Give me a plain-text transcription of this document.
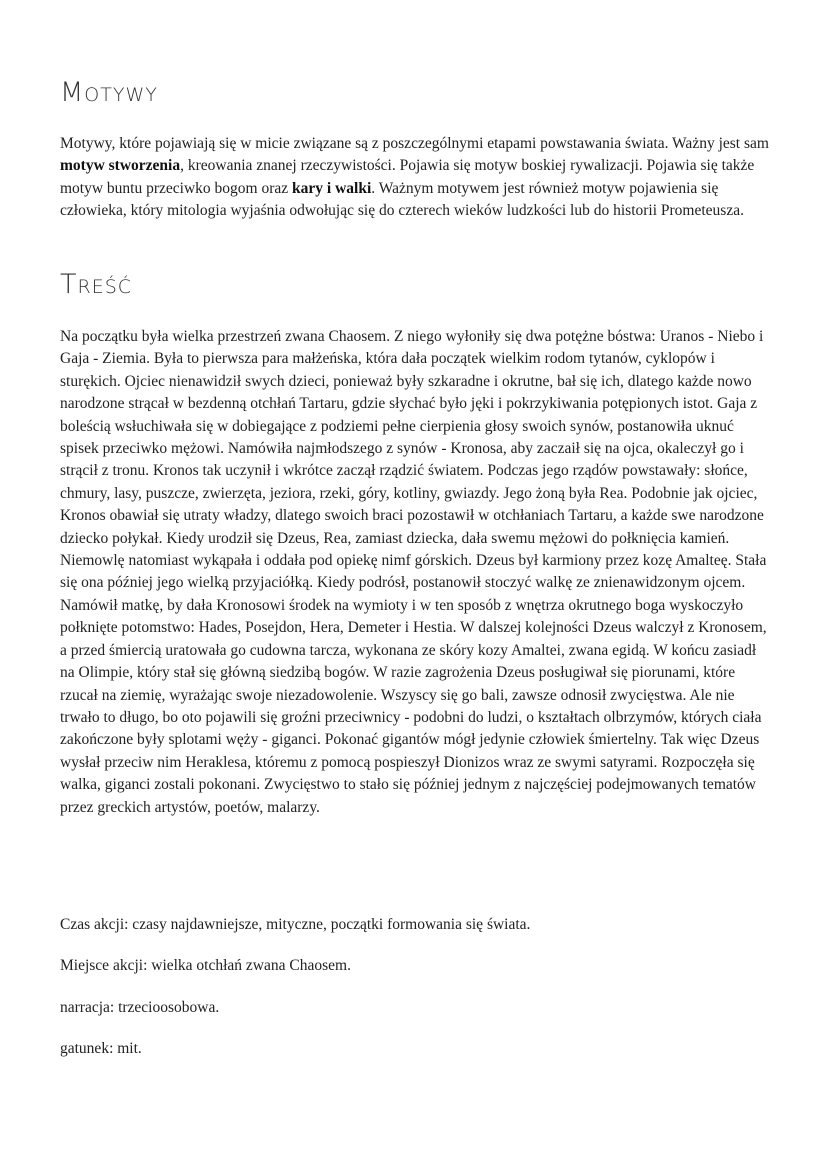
Motywy

Motywy, które pojawiają się w micie związane są z poszczególnymi etapami powstawania świata. Ważny jest sam motyw stworzenia, kreowania znanej rzeczywistości. Pojawia się motyw boskiej rywalizacji. Pojawia się także motyw buntu przeciwko bogom oraz kary i walki. Ważnym motywem jest również motyw pojawienia się człowieka, który mitologia wyjaśnia odwołując się do czterech wieków ludzkości lub do historii Prometeusza.

Treść

Na początku była wielka przestrzeń zwana Chaosem. Z niego wyłoniły się dwa potężne bóstwa: Uranos - Niebo i Gaja - Ziemia. Była to pierwsza para małżeńska, która dała początek wielkim rodom tytanów, cyklopów i sturękich. Ojciec nienawidził swych dzieci, ponieważ były szkaradne i okrutne, bał się ich, dlatego każde nowo narodzone strącał w bezdenną otchłań Tartaru, gdzie słychać było jęki i pokrzykiwania potępionych istot. Gaja z boleścią wsłuchiwała się w dobiegające z podziemi pełne cierpienia głosy swoich synów, postanowiła uknuć spisek przeciwko mężowi. Namówiła najmłodszego z synów - Kronosa, aby zaczaił się na ojca, okaleczył go i strącił z tronu. Kronos tak uczynił i wkrótce zaczął rządzić światem. Podczas jego rządów powstawały: słońce, chmury, lasy, puszcze, zwierzęta, jeziora, rzeki, góry, kotliny, gwiazdy. Jego żoną była Rea. Podobnie jak ojciec, Kronos obawiał się utraty władzy, dlatego swoich braci pozostawił w otchłaniach Tartaru, a każde swe narodzone dziecko połykał. Kiedy urodził się Dzeus, Rea, zamiast dziecka, dała swemu mężowi do połknięcia kamień. Niemowlę natomiast wykąpała i oddała pod opiekę nimf górskich. Dzeus był karmiony przez kozę Amalteę. Stała się ona później jego wielką przyjaciółką. Kiedy podrósł, postanowił stoczyć walkę ze znienawidzonym ojcem. Namówił matkę, by dała Kronosowi środek na wymioty i w ten sposób z wnętrza okrutnego boga wyskoczyło połknięte potomstwo: Hades, Posejdon, Hera, Demeter i Hestia. W dalszej kolejności Dzeus walczył z Kronosem, a przed śmiercią uratowała go cudowna tarcza, wykonana ze skóry kozy Amaltei, zwana egidą. W końcu zasiadł na Olimpie, który stał się główną siedzibą bogów. W razie zagrożenia Dzeus posługiwał się piorunami, które rzucał na ziemię, wyrażając swoje niezadowolenie. Wszyscy się go bali, zawsze odnosił zwycięstwa. Ale nie trwało to długo, bo oto pojawili się groźni przeciwnicy - podobni do ludzi, o kształtach olbrzymów, których ciała zakończone były splotami węży - giganci. Pokonać gigantów mógł jedynie człowiek śmiertelny. Tak więc Dzeus wysłał przeciw nim Heraklesa, któremu z pomocą pospieszył Dionizos wraz ze swymi satyrami. Rozpoczęła się walka, giganci zostali pokonani. Zwycięstwo to stało się później jednym z najczęściej podejmowanych tematów przez greckich artystów, poetów, malarzy.

Czas akcji: czasy najdawniejsze, mityczne, początki formowania się świata.

Miejsce akcji: wielka otchłań zwana Chaosem.

narracja: trzecioosobowa.

gatunek: mit.
